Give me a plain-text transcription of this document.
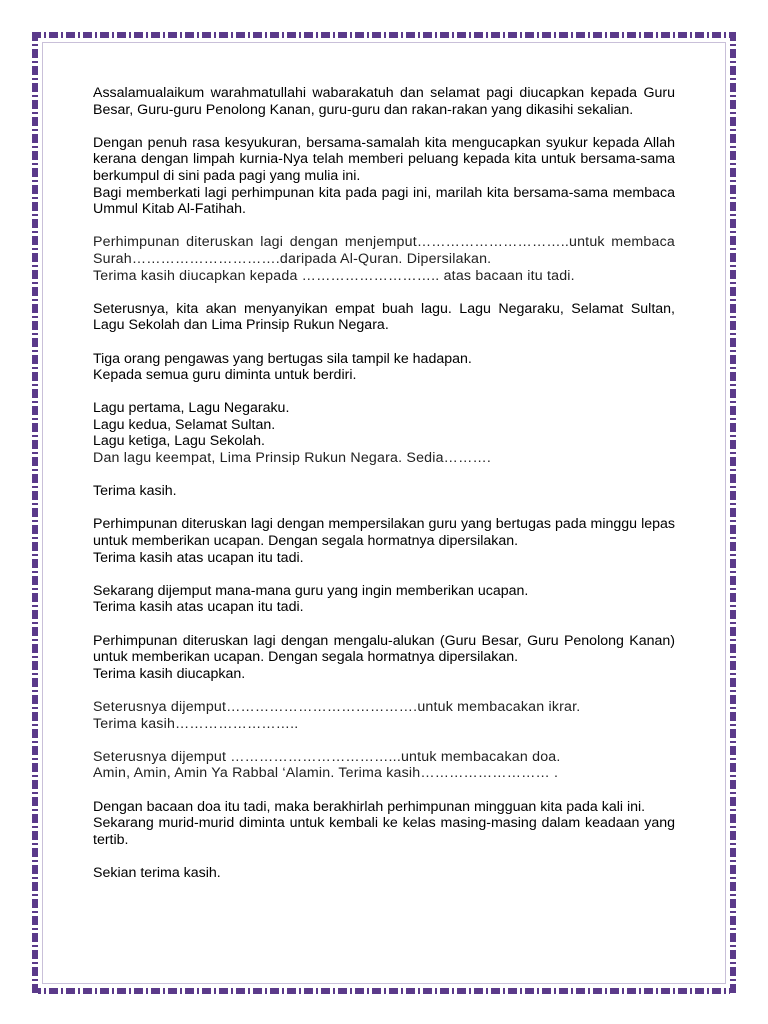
Assalamualaikum warahmatullahi wabarakatuh dan selamat pagi diucapkan kepada Guru Besar, Guru-guru Penolong Kanan, guru-guru dan rakan-rakan yang dikasihi sekalian.

Dengan penuh rasa kesyukuran, bersama-samalah kita mengucapkan syukur kepada Allah kerana dengan limpah kurnia-Nya telah memberi peluang kepada kita untuk bersama-sama berkumpul di sini pada pagi yang mulia ini.
Bagi memberkati lagi perhimpunan kita pada pagi ini, marilah kita bersama-sama membaca Ummul Kitab Al-Fatihah.

Perhimpunan diteruskan lagi dengan menjemput…………………………..untuk membaca Surah………………………….daripada Al-Quran. Dipersilakan.
Terima kasih diucapkan kepada ……………………….. atas bacaan itu tadi.

Seterusnya, kita akan menyanyikan empat buah lagu. Lagu Negaraku, Selamat Sultan, Lagu Sekolah dan Lima Prinsip Rukun Negara.

Tiga orang pengawas yang bertugas sila tampil ke hadapan.
Kepada semua guru diminta untuk berdiri.

Lagu pertama, Lagu Negaraku.
Lagu kedua, Selamat Sultan.
Lagu ketiga, Lagu Sekolah.
Dan lagu keempat, Lima Prinsip Rukun Negara. Sedia……….

Terima kasih.

Perhimpunan diteruskan lagi dengan mempersilakan guru yang bertugas pada minggu lepas untuk memberikan ucapan. Dengan segala hormatnya dipersilakan.
Terima kasih atas ucapan itu tadi.

Sekarang dijemput mana-mana guru yang ingin memberikan ucapan.
Terima kasih atas ucapan itu tadi.

Perhimpunan diteruskan lagi dengan mengalu-alukan (Guru Besar, Guru Penolong Kanan) untuk memberikan ucapan. Dengan segala hormatnya dipersilakan.
Terima kasih diucapkan.

Seterusnya dijemput………………………………….untuk membacakan ikrar.
Terima kasih……………………..

Seterusnya dijemput ……………………………...untuk membacakan doa.
Amin, Amin, Amin Ya Rabbal ‘Alamin. Terima kasih……………………… .

Dengan bacaan doa itu tadi, maka berakhirlah perhimpunan mingguan kita pada kali ini.
Sekarang murid-murid diminta untuk kembali ke kelas masing-masing dalam keadaan yang tertib.

Sekian terima kasih.
